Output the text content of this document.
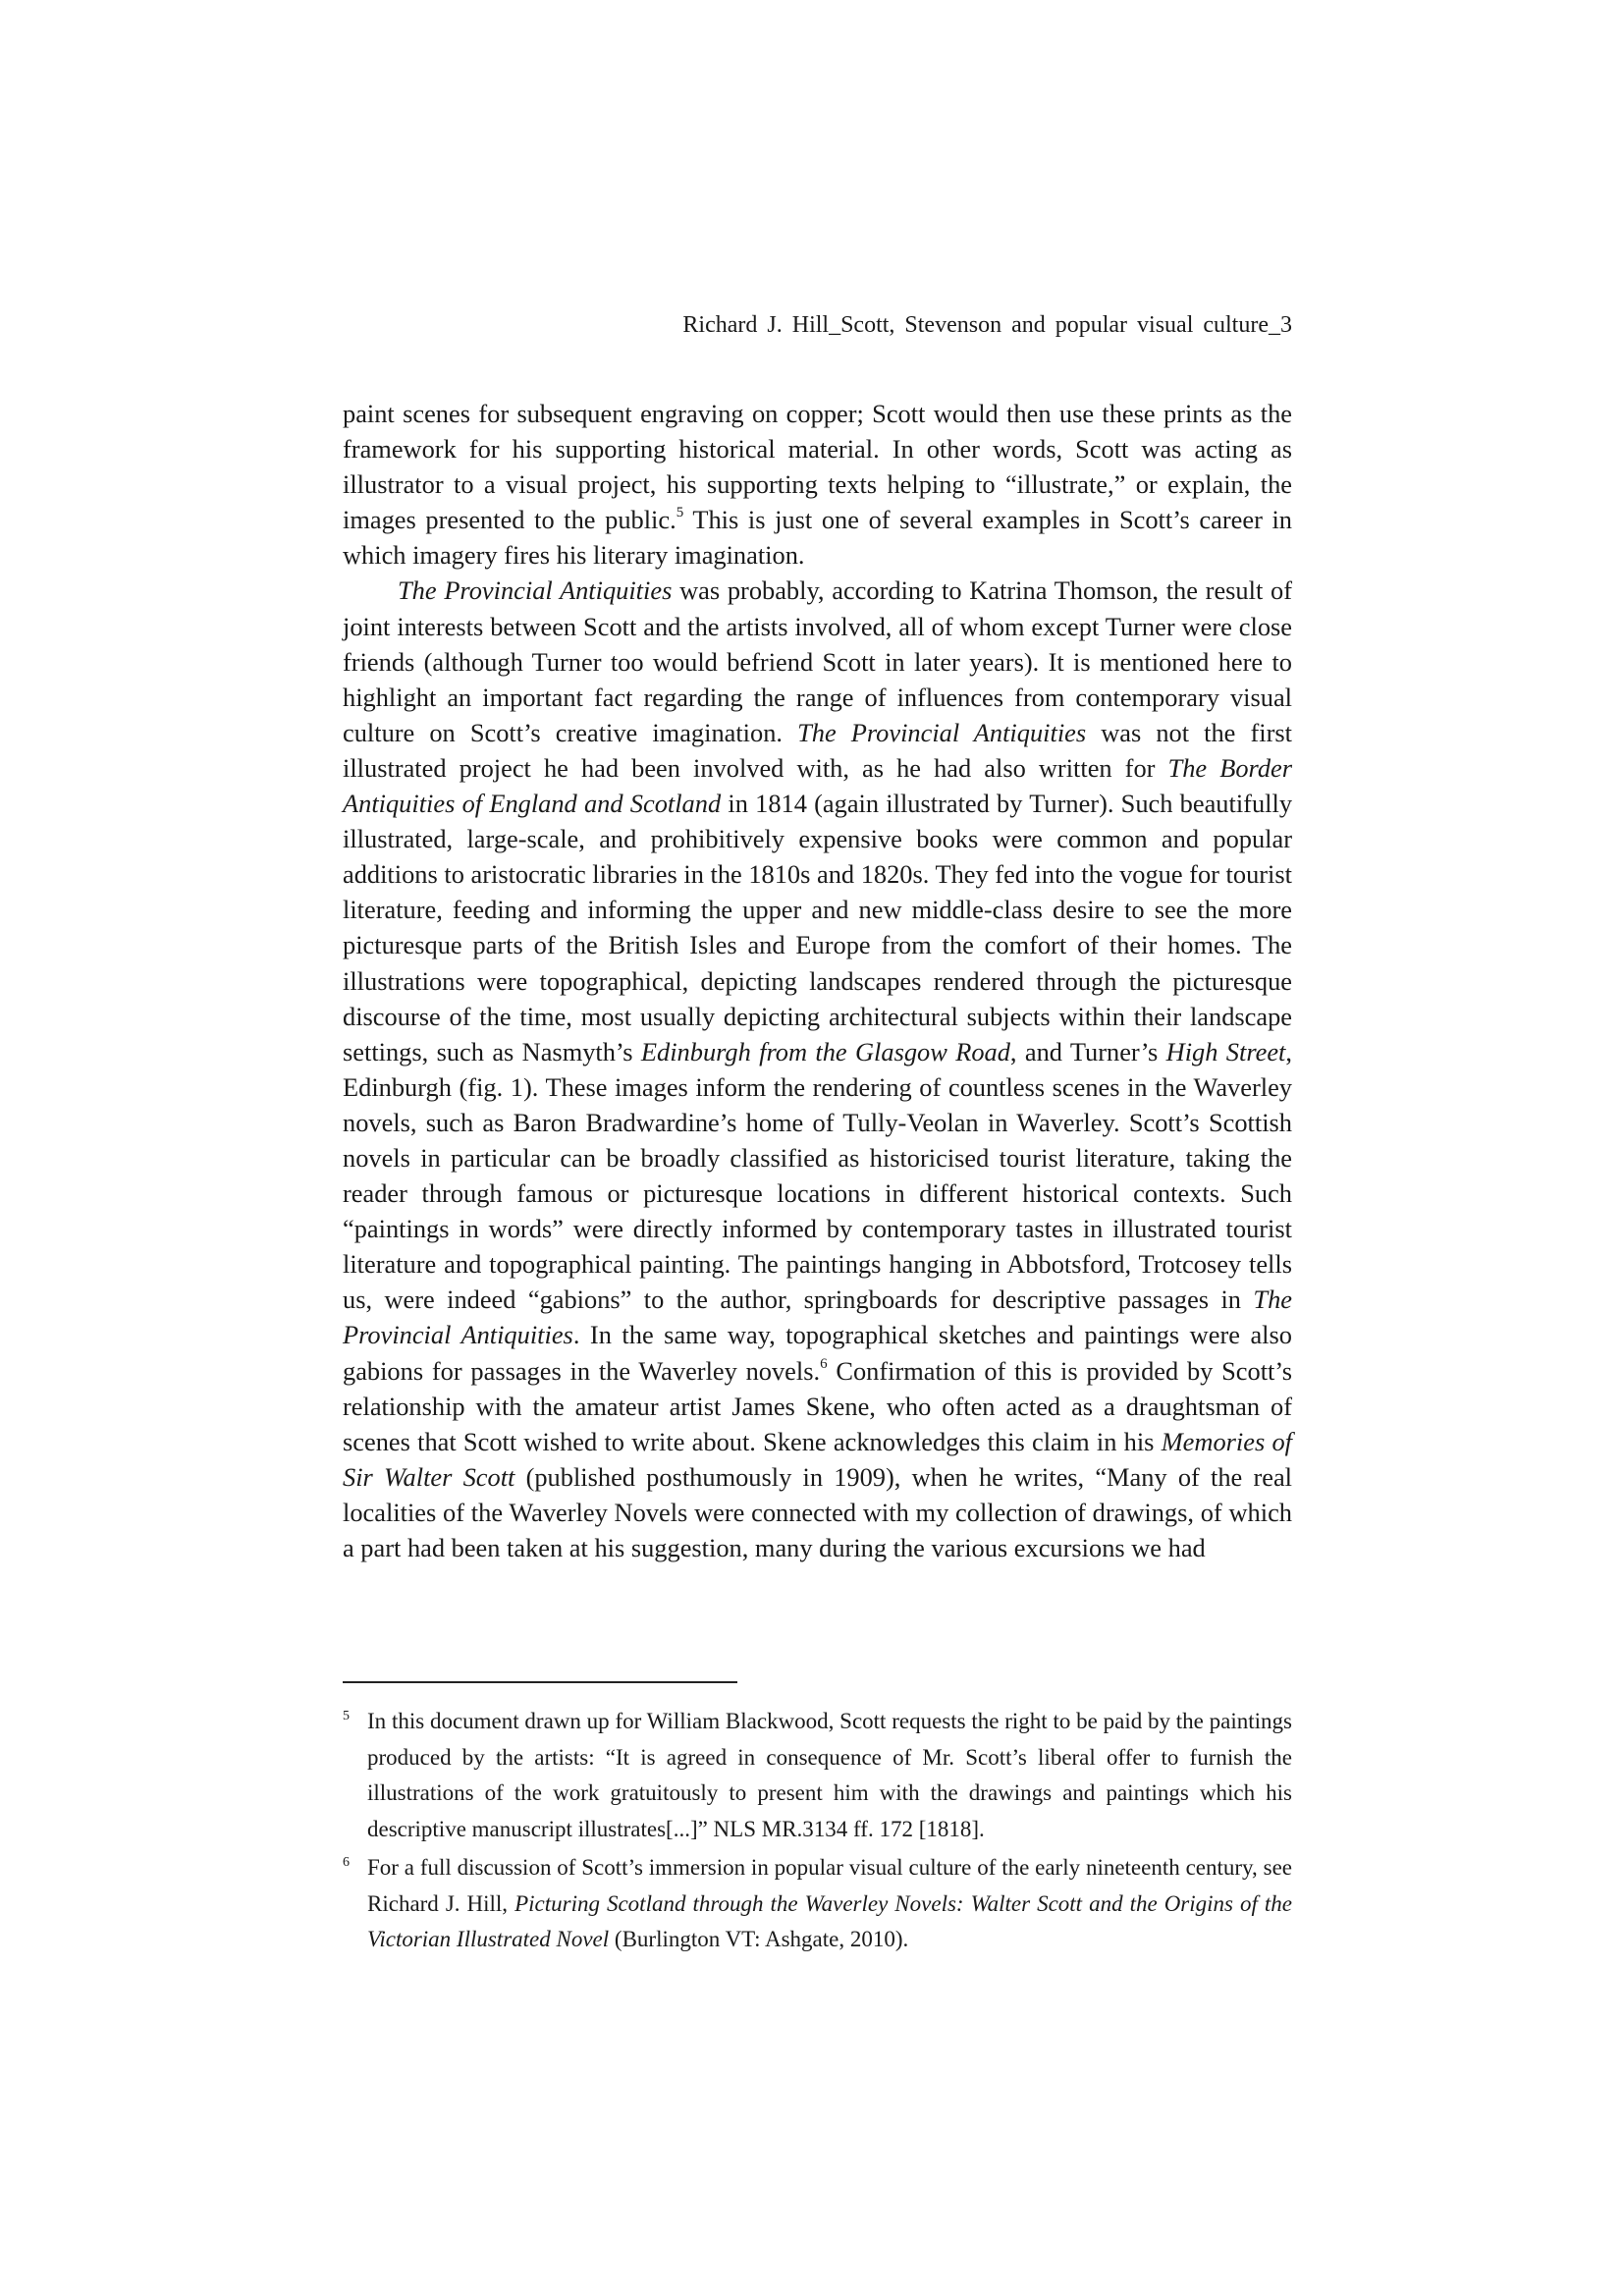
Richard J. Hill_Scott, Stevenson and popular visual culture_3

paint scenes for subsequent engraving on copper; Scott would then use these prints as the framework for his supporting historical material. In other words, Scott was acting as illustrator to a visual project, his supporting texts helping to “illustrate,” or explain, the images presented to the public.$^5$ This is just one of several examples in Scott’s career in which imagery fires his literary imagination.

The Provincial Antiquities was probably, according to Katrina Thomson, the result of joint interests between Scott and the artists involved, all of whom except Turner were close friends (although Turner too would befriend Scott in later years). It is mentioned here to highlight an important fact regarding the range of influences from contemporary visual culture on Scott’s creative imagination. The Provincial Antiquities was not the first illustrated project he had been involved with, as he had also written for The Border Antiquities of England and Scotland in 1814 (again illustrated by Turner). Such beautifully illustrated, large-scale, and prohibitively expensive books were common and popular additions to aristocratic libraries in the 1810s and 1820s. They fed into the vogue for tourist literature, feeding and informing the upper and new middle-class desire to see the more picturesque parts of the British Isles and Europe from the comfort of their homes. The illustrations were topographical, depicting landscapes rendered through the picturesque discourse of the time, most usually depicting architectural subjects within their landscape settings, such as Nasmyth’s Edinburgh from the Glasgow Road, and Turner’s High Street, Edinburgh (fig. 1). These images inform the rendering of countless scenes in the Waverley novels, such as Baron Bradwardine’s home of Tully-Veolan in Waverley. Scott’s Scottish novels in particular can be broadly classified as historicised tourist literature, taking the reader through famous or picturesque locations in different historical contexts. Such “paintings in words” were directly informed by contemporary tastes in illustrated tourist literature and topographical painting. The paintings hanging in Abbotsford, Trotcosey tells us, were indeed “gabions” to the author, springboards for descriptive passages in The Provincial Antiquities. In the same way, topographical sketches and paintings were also gabions for passages in the Waverley novels.$^6$ Confirmation of this is provided by Scott’s relationship with the amateur artist James Skene, who often acted as a draughtsman of scenes that Scott wished to write about. Skene acknowledges this claim in his Memories of Sir Walter Scott (published posthumously in 1909), when he writes, “Many of the real localities of the Waverley Novels were connected with my collection of drawings, of which a part had been taken at his suggestion, many during the various excursions we had

5 In this document drawn up for William Blackwood, Scott requests the right to be paid by the paintings produced by the artists: “It is agreed in consequence of Mr. Scott’s liberal offer to furnish the illustrations of the work gratuitously to present him with the drawings and paintings which his descriptive manuscript illustrates[...]” NLS MR.3134 ff. 172 [1818].

6 For a full discussion of Scott’s immersion in popular visual culture of the early nineteenth century, see Richard J. Hill, Picturing Scotland through the Waverley Novels: Walter Scott and the Origins of the Victorian Illustrated Novel (Burlington VT: Ashgate, 2010).
